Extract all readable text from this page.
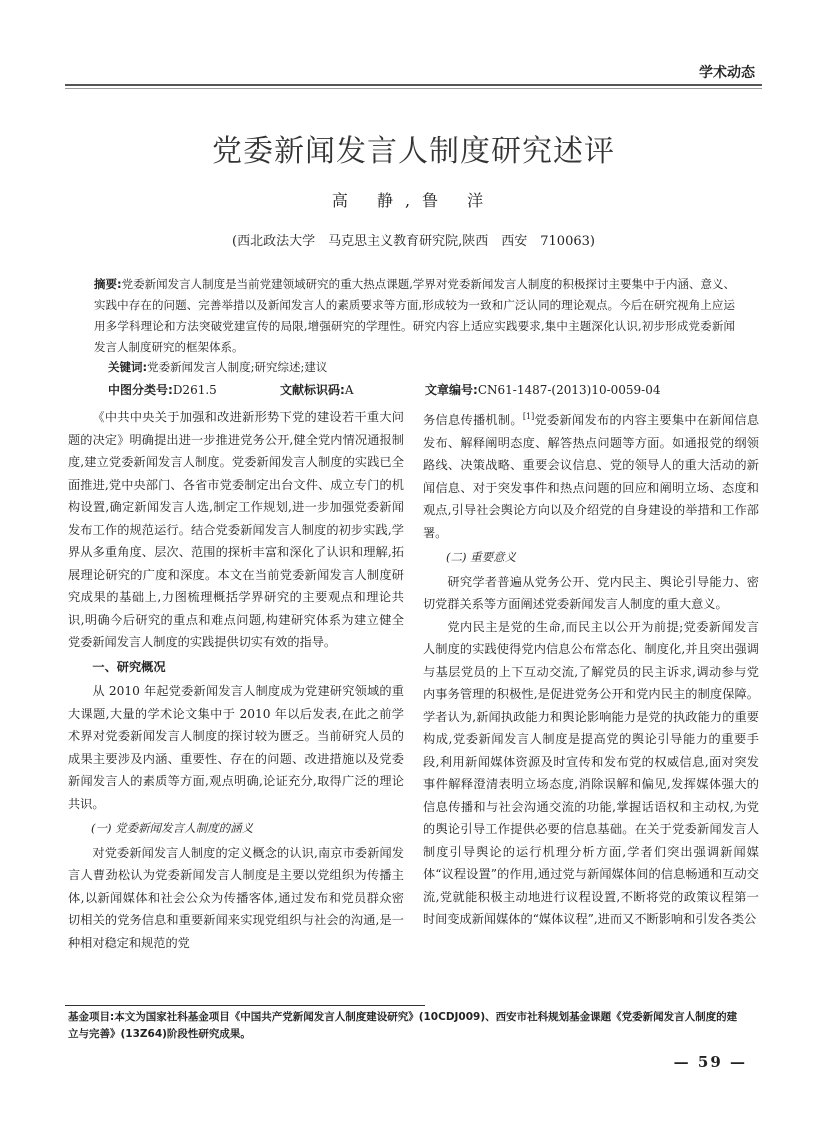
学术动态
党委新闻发言人制度研究述评
高 静,鲁 洋
(西北政法大学　马克思主义教育研究院,陕西　西安　710063)
摘要:党委新闻发言人制度是当前党建领域研究的重大热点课题,学界对党委新闻发言人制度的积极探讨主要集中于内涵、意义、实践中存在的问题、完善举措以及新闻发言人的素质要求等方面,形成较为一致和广泛认同的理论观点。今后在研究视角上应运用多学科理论和方法突破党建宣传的局限,增强研究的学理性。研究内容上适应实践要求,集中主题深化认识,初步形成党委新闻发言人制度研究的框架体系。
关键词:党委新闻发言人制度;研究综述;建议
中图分类号:D261.5	文献标识码:A	文章编号:CN61-1487-(2013)10-0059-04

《中共中央关于加强和改进新形势下党的建设若干重大问题的决定》明确提出进一步推进党务公开,健全党内情况通报制度,建立党委新闻发言人制度。党委新闻发言人制度的实践已全面推进,党中央部门、各省市党委制定出台文件、成立专门的机构设置,确定新闻发言人选,制定工作规划,进一步加强党委新闻发布工作的规范运行。结合党委新闻发言人制度的初步实践,学界从多重角度、层次、范围的探析丰富和深化了认识和理解,拓展理论研究的广度和深度。本文在当前党委新闻发言人制度研究成果的基础上,力图梳理概括学界研究的主要观点和理论共识,明确今后研究的重点和难点问题,构建研究体系为建立健全党委新闻发言人制度的实践提供切实有效的指导。

一、研究概况

从 2010 年起党委新闻发言人制度成为党建研究领域的重大课题,大量的学术论文集中于 2010 年以后发表,在此之前学术界对党委新闻发言人制度的探讨较为匮乏。当前研究人员的成果主要涉及内涵、重要性、存在的问题、改进措施以及党委新闻发言人的素质等方面,观点明确,论证充分,取得广泛的理论共识。

(一) 党委新闻发言人制度的涵义

对党委新闻发言人制度的定义概念的认识,南京市委新闻发言人曹劲松认为党委新闻发言人制度是主要以党组织为传播主体,以新闻媒体和社会公众为传播客体,通过发布和党员群众密切相关的党务信息和重要新闻来实现党组织与社会的沟通,是一种相对稳定和规范的党

务信息传播机制。[1]党委新闻发布的内容主要集中在新闻信息发布、解释阐明态度、解答热点问题等方面。如通报党的纲领路线、决策战略、重要会议信息、党的领导人的重大活动的新闻信息、对于突发事件和热点问题的回应和阐明立场、态度和观点,引导社会舆论方向以及介绍党的自身建设的举措和工作部署。

(二) 重要意义

研究学者普遍从党务公开、党内民主、舆论引导能力、密切党群关系等方面阐述党委新闻发言人制度的重大意义。

党内民主是党的生命,而民主以公开为前提;党委新闻发言人制度的实践使得党内信息公布常态化、制度化,并且突出强调与基层党员的上下互动交流,了解党员的民主诉求,调动参与党内事务管理的积极性,是促进党务公开和党内民主的制度保障。学者认为,新闻执政能力和舆论影响能力是党的执政能力的重要构成,党委新闻发言人制度是提高党的舆论引导能力的重要手段,利用新闻媒体资源及时宣传和发布党的权威信息,面对突发事件解释澄清表明立场态度,消除误解和偏见,发挥媒体强大的信息传播和与社会沟通交流的功能,掌握话语权和主动权,为党的舆论引导工作提供必要的信息基础。在关于党委新闻发言人制度引导舆论的运行机理分析方面,学者们突出强调新闻媒体“议程设置”的作用,通过党与新闻媒体间的信息畅通和互动交流,党就能积极主动地进行议程设置,不断将党的政策议程第一时间变成新闻媒体的“媒体议程”,进而又不断影响和引发各类公

基金项目:本文为国家社科基金项目《中国共产党新闻发言人制度建设研究》(10CDJ009)、西安市社科规划基金课题《党委新闻发言人制度的建立与完善》(13Z64)阶段性研究成果。
— 59 —
